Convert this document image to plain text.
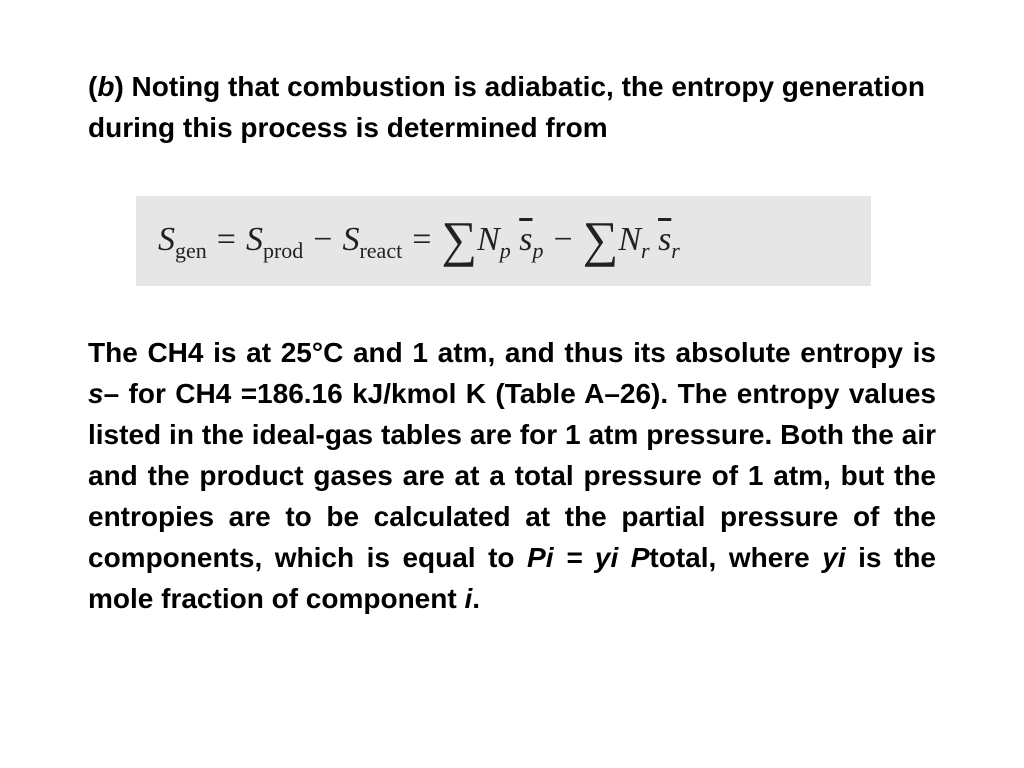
(b) Noting that combustion is adiabatic, the entropy generation during this process is determined from

$S_{gen} = S_{prod} - S_{react} = \sum N_p$ $\overline{s}_p - \sum N_r$ $\overline{s}_r$

The CH4 is at 25°C and 1 atm, and thus its absolute entropy is s– for CH4 =186.16 kJ/kmol K (Table A–26). The entropy values listed in the ideal-gas tables are for 1 atm pressure. Both the air and the product gases are at a total pressure of 1 atm, but the entropies are to be calculated at the partial pressure of the components, which is equal to Pi = yi Ptotal, where yi is the mole fraction of component i.
